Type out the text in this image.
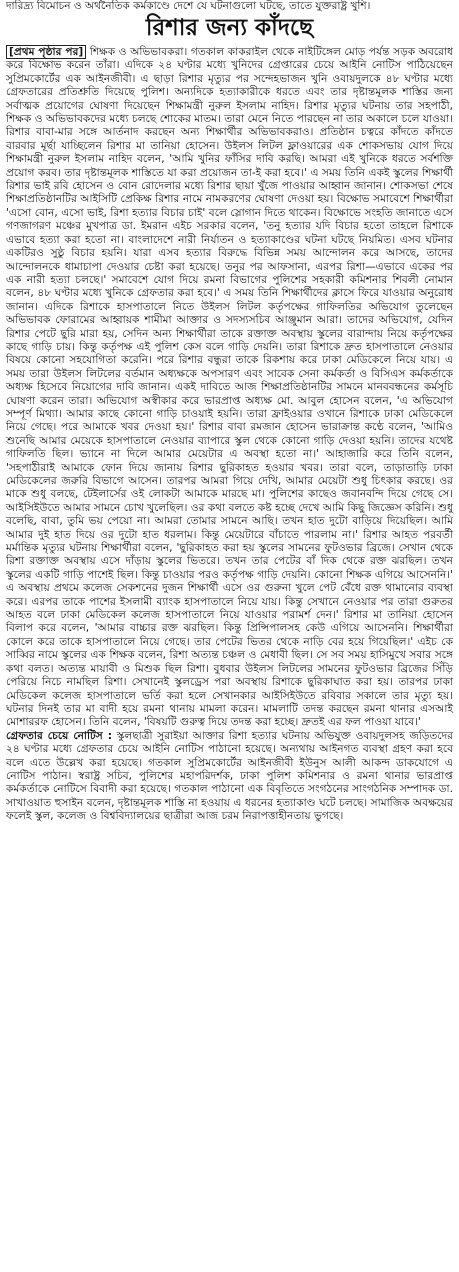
দারিদ্র্য বিমোচন ও অর্থনৈতিক কর্মকাণ্ডে দেশে যে ঘটনাগুলো ঘটছে, তাতে যুক্তরাষ্ট্র খুশি।
রিশার জন্য কাঁদছে

[প্রথম পৃষ্ঠার পর] শিক্ষক ও অভিভাবকরা। গতকাল কাকরাইল থেকে নাইটিঙ্গেল মোড় পর্যন্ত সড়ক অবরোধ করে বিক্ষোভ করেন তাঁরা। এদিকে ২৪ ঘণ্টার মধ্যে খুনিদের গ্রেপ্তারের চেয়ে আইনি নোটিস পাঠিয়েছেন সুপ্রিমকোর্টের এক আইনজীবী। এ ছাড়া রিশার মৃত্যুর পর সন্দেহভাজন খুনি ওবায়দুলকে ৪৮ ঘণ্টার মধ্যে গ্রেফতারের প্রতিশ্রুতি দিয়েছে পুলিশ। অন্যদিকে হত্যাকারীকে ধরতে এবং তার দৃষ্টান্তমূলক শাস্তির জন্য সর্বাত্মক প্রয়োগের ঘোষণা দিয়েছেন শিক্ষামন্ত্রী নুরুল ইসলাম নাহিদ। রিশার মৃত্যুর ঘটনায় তার সহপাঠী, শিক্ষক ও অভিভাবকদের মধ্যে চলছে শোকের মাতম। তারা মেনে নিতে পারছেন না তার অকালে চলে যাওয়া। রিশার বাবা-মার সঙ্গে আর্তনাদ করছেন অন্য শিক্ষার্থীর অভিভাবকরাও। প্রতিষ্ঠান চত্বরে কাঁদতে কাঁদতে বারবার মূর্ছা যাচ্ছিলেন রিশার মা তানিয়া হোসেন। উইলস লিটল ফ্লাওয়ারের এক শোকসভায় যোগ দিয়ে শিক্ষামন্ত্রী নুরুল ইসলাম নাহিদ বলেন, 'আমি খুনির ফাঁসির দাবি করছি। আমরা এই খুনিকে ধরতে সর্বশক্তি প্রয়োগ করব। তার দৃষ্টান্তমূলক শাস্তিতে যা করা প্রয়োজন তা-ই করা হবে।' এ সময় তিনি একই স্কুলের শিক্ষার্থী রিশার ভাই রবি হোসেন ও বোন রোদেলার মধ্যে রিশার ছায়া খুঁজে পাওয়ার আহ্বান জানান। শোকসভা শেষে শিক্ষাপ্রতিষ্ঠানটির আইসিটি প্রেকিক্ষ রিশার নামে নামকরণের ঘোষণা দেওয়া হয়। বিক্ষোভ সমাবেশে শিক্ষার্থীরা 'এসো বোন, এসো ভাই, রিশা হত্যার বিচার চাই' বলে স্লোগান দিতে থাকেন। বিক্ষোভে সংহতি জানাতে এসে গণজাগরণ মঞ্চের মুখপাত্র ডা. ইমরান এইচ সরকার বলেন, 'তনু হত্যার যদি বিচার হতো তাহলে রিশাকে এভাবে হত্যা করা হতো না। বাংলাদেশে নারী নির্যাতন ও হত্যাকাণ্ডের ঘটনা ঘটছে নিয়মিত। এসব ঘটনার একটিরও সুষ্ঠু বিচার হয়নি। যারা এসব হত্যার বিরুদ্ধে বিভিন্ন সময় আন্দোলন করে আসছে, তাদের আন্দোলনকে ধামাচাপা দেওয়ার চেষ্টা করা হয়েছে। তনুর পর আফসানা, এরপর রিশা—এভাবে একের পর এক নারী হত্যা চলছে।' সমাবেশে যোগ দিয়ে রমনা বিভাগের পুলিশের সহকারী কমিশনার শিবলী নোমান বলেন, ৪৮ ঘণ্টার মধ্যে খুনিকে গ্রেফতার করা হবে।' এ সময় তিনি শিক্ষার্থীদের ক্লাসে ফিরে যাওয়ার অনুরোধ জানান। এদিকে রিশাকে হাসপাতালে নিতে উইলস লিটল কর্তৃপক্ষের গাফিলতির অভিযোগ তুলেছেন অভিভাবক ফোরামের আহ্বায়ক শামীমা আক্তার ও সদস্যসচিব আঞ্জুমান আরা। তাদের অভিযোগ, যেদিন রিশার পেটে ছুরি মারা হয়, সেদিন অন্য শিক্ষার্থীরা তাকে রক্তাক্ত অবস্থায় স্কুলের বারান্দায় নিয়ে কর্তৃপক্ষের কাছে গাড়ি চায়। কিন্তু কর্তৃপক্ষ এই পুলিশ কেস বলে গাড়ি দেয়নি। তারা রিশাকে দ্রুত হাসপাতালে নেওয়ার বিষয়ে কোনো সহযোগিতা করেনি। পরে রিশার বন্ধুরা তাকে রিকশায় করে ঢাকা মেডিকেলে নিয়ে যায়। এ সময় তারা উইলস লিটলের বর্তমান অধ্যক্ষকে অপসারণ এবং সাবেক সেনা কর্মকর্তা ও বিসিএস কর্মকর্তাকে অধ্যক্ষ হিসেবে নিয়োগের দাবি জানান। একই দাবিতে আজ শিক্ষাপ্রতিষ্ঠানটির সামনে মানববন্ধনের কর্মসূচি ঘোষণা করেন তারা। অভিযোগ অস্বীকার করে ভারপ্রাপ্ত অধ্যক্ষ মো. আবুল হোসেন বলেন, 'এ অভিযোগ সম্পূর্ণ মিথ্যা। আমার কাছে কোনো গাড়ি চাওয়াই হয়নি। তারা ফ্রাইওয়ার ওখানে রিশাকে ঢাকা মেডিকেলে নিয়ে গেছে। পরে আমাকে খবর দেওয়া হয়।' রিশার বাবা রমজান হোসেন ভারাক্রান্ত কণ্ঠে বলেন, 'আমিও শুনেছি আমার মেয়েকে হাসপাতালে নেওয়ার ব্যাপারে স্কুল থেকে কোনো গাড়ি দেওয়া হয়নি। তাদের যথেষ্ট গাফিলতি ছিল। ভ্যানে না দিলে আমার মেয়েটার এ অবস্থা হতো না।' আহাজারি করে তিনি বলেন, 'সহপাঠীরাই আমাকে ফোন দিয়ে জানায় রিশার ছুরিকাহত হওয়ার খবর। তারা বলে, তাড়াতাড়ি ঢাকা মেডিকেলের জরুরি বিভাগে আসেন। তারপর আমরা গিয়ে দেখি, আমার মেয়েটা শুধু চিৎকার করছে। ওর মাকে শুধু বলছে, টেইলার্সের ওই লোকটা আমাকে মারছে মা। পুলিশের কাছেও জবানবন্দি দিয়ে গেছে সে। আইসিইউতে আমার সামনে চোখ খুলেছিল। ওর কথা বলতে কষ্ট হচ্ছে দেখে আমি কিছু জিজ্ঞেস করিনি। শুধু বলেছি, বাবা, তুমি ভয় পেয়ো না। আমরা তোমার সামনে আছি। তখন হাত দুটো বাড়িয়ে দিয়েছিল। আমি আমার দুই হাত দিয়ে ওর দুটো হাত ধরলাম। কিন্তু মেয়েটারে বাঁচাতে পারলাম না।' রিশার আহত পরবর্তী মর্মান্তিক মৃত্যুর ঘটনায় শিক্ষার্থীরা বলেন, 'ছুরিকাহত করা হয় স্কুলের সামনের ফুটওভার ব্রিজে। সেখান থেকে রিশা রক্তাক্ত অবস্থায় এসে দাঁড়ায় স্কুলের ভিতরে। তখন তার পেটের বাঁ দিক থেকে রক্ত ঝরছিল। তখন স্কুলের একটি গাড়ি পাশেই ছিল। কিন্তু চাওয়ার পরও কর্তৃপক্ষ গাড়ি দেয়নি। কোনো শিক্ষক এগিয়ে আসেননি।' এ অবস্থায় প্রথমে কলেজ সেকশনের দুজন শিক্ষার্থী এসে ওর গুরুনা খুলে পেট বেঁধে রক্ত থামানোর ব্যবস্থা করে। এরপর তাকে পাশের ইসলামী ব্যাংক হাসপাতালে নিয়ে যায়। কিন্তু সেখানে নেওয়ার পর তারা গুরুতর আহত বলে ঢাকা মেডিকেল কলেজ হাসপাতালে নিয়ে যাওয়ার পরামর্শ দেন।' রিশার মা তানিয়া হোসেন বিলাপ করে বলেন, 'আমার বাচ্চার রক্ত ঝরছিল। কিন্তু প্রিন্সিপালসহ কেউ এগিয়ে আসেননি। শিক্ষার্থীরা কোলে করে তাকে হাসপাতালে নিয়ে গেছে। তার পেটের ভিতর থেকে নাড়ি বের হয়ে গিয়েছিল।' এইচ কে সাব্বির নামে স্কুলের এক শিক্ষক বলেন, রিশা অত্যন্ত চঞ্চল ও মেধাবী ছিল। সে সব সময় হাসিমুখে সবার সঙ্গে কথা বলত। অত্যন্ত মায়াবী ও মিশুক ছিল রিশা। বুধবার উইলস লিটলের সামনের ফুটওভার ব্রিজের সিঁড়ি পেরিয়ে নিচে নামছিল রিশা। সেখানেই স্কুলড্রেস পরা অবস্থায় রিশাকে ছুরিকাঘাত করা হয়। তারপর ঢাকা মেডিকেল কলেজ হাসপাতালে ভর্তি করা হলে সেখানকার আইসিইউতে রবিবার সকালে তার মৃত্যু হয়। ঘটনার দিনই তার মা বাদী হয়ে রমনা থানায় মামলা করেন। মামলাটি তদন্ত করছেন রমনা থানার এসআই মোশাররফ হোসেন। তিনি বলেন, 'বিষয়টি গুরুত্ব দিয়ে তদন্ত করা হচ্ছে। দ্রুতই এর ফল পাওয়া যাবে।'

গ্রেফতার চেয়ে নোটিস : স্কুলছাত্রী সুরাইয়া আক্তার রিশা হত্যার ঘটনায় অভিযুক্ত ওবায়দুলসহ জড়িতদের ২৪ ঘণ্টার মধ্যে গ্রেফতার চেয়ে আইনি নোটিস পাঠানো হয়েছে। অন্যথায় আইনগত ব্যবস্থা গ্রহণ করা হবে বলে এতে উল্লেখ করা হয়েছে। গতকাল সুপ্রিমকোর্টের আইনজীবী ইউনুস আলী আকন্দ ডাকযোগে এ নোটিস পাঠান। স্বরাষ্ট্র সচিব, পুলিশের মহাপরিদর্শক, ঢাকা পুলিশ কমিশনার ও রমনা থানার ভারপ্রাপ্ত কর্মকর্তাকে নোটিসে বিবাদী করা হয়েছে। গতকাল পাঠানো এক বিবৃতিতে সংগঠনের সাংগঠনিক সম্পাদক ডা. সাখাওয়াত হুসাইন বলেন, দৃষ্টান্তমূলক শাস্তি না হওয়ায় এ ধরনের হত্যাকাণ্ড ঘটে চলছে। সামাজিক অবক্ষয়ের ফলেই স্কুল, কলেজ ও বিশ্ববিদ্যালয়ের ছাত্রীরা আজ চরম নিরাপত্তাহীনতায় ভুগছে।
